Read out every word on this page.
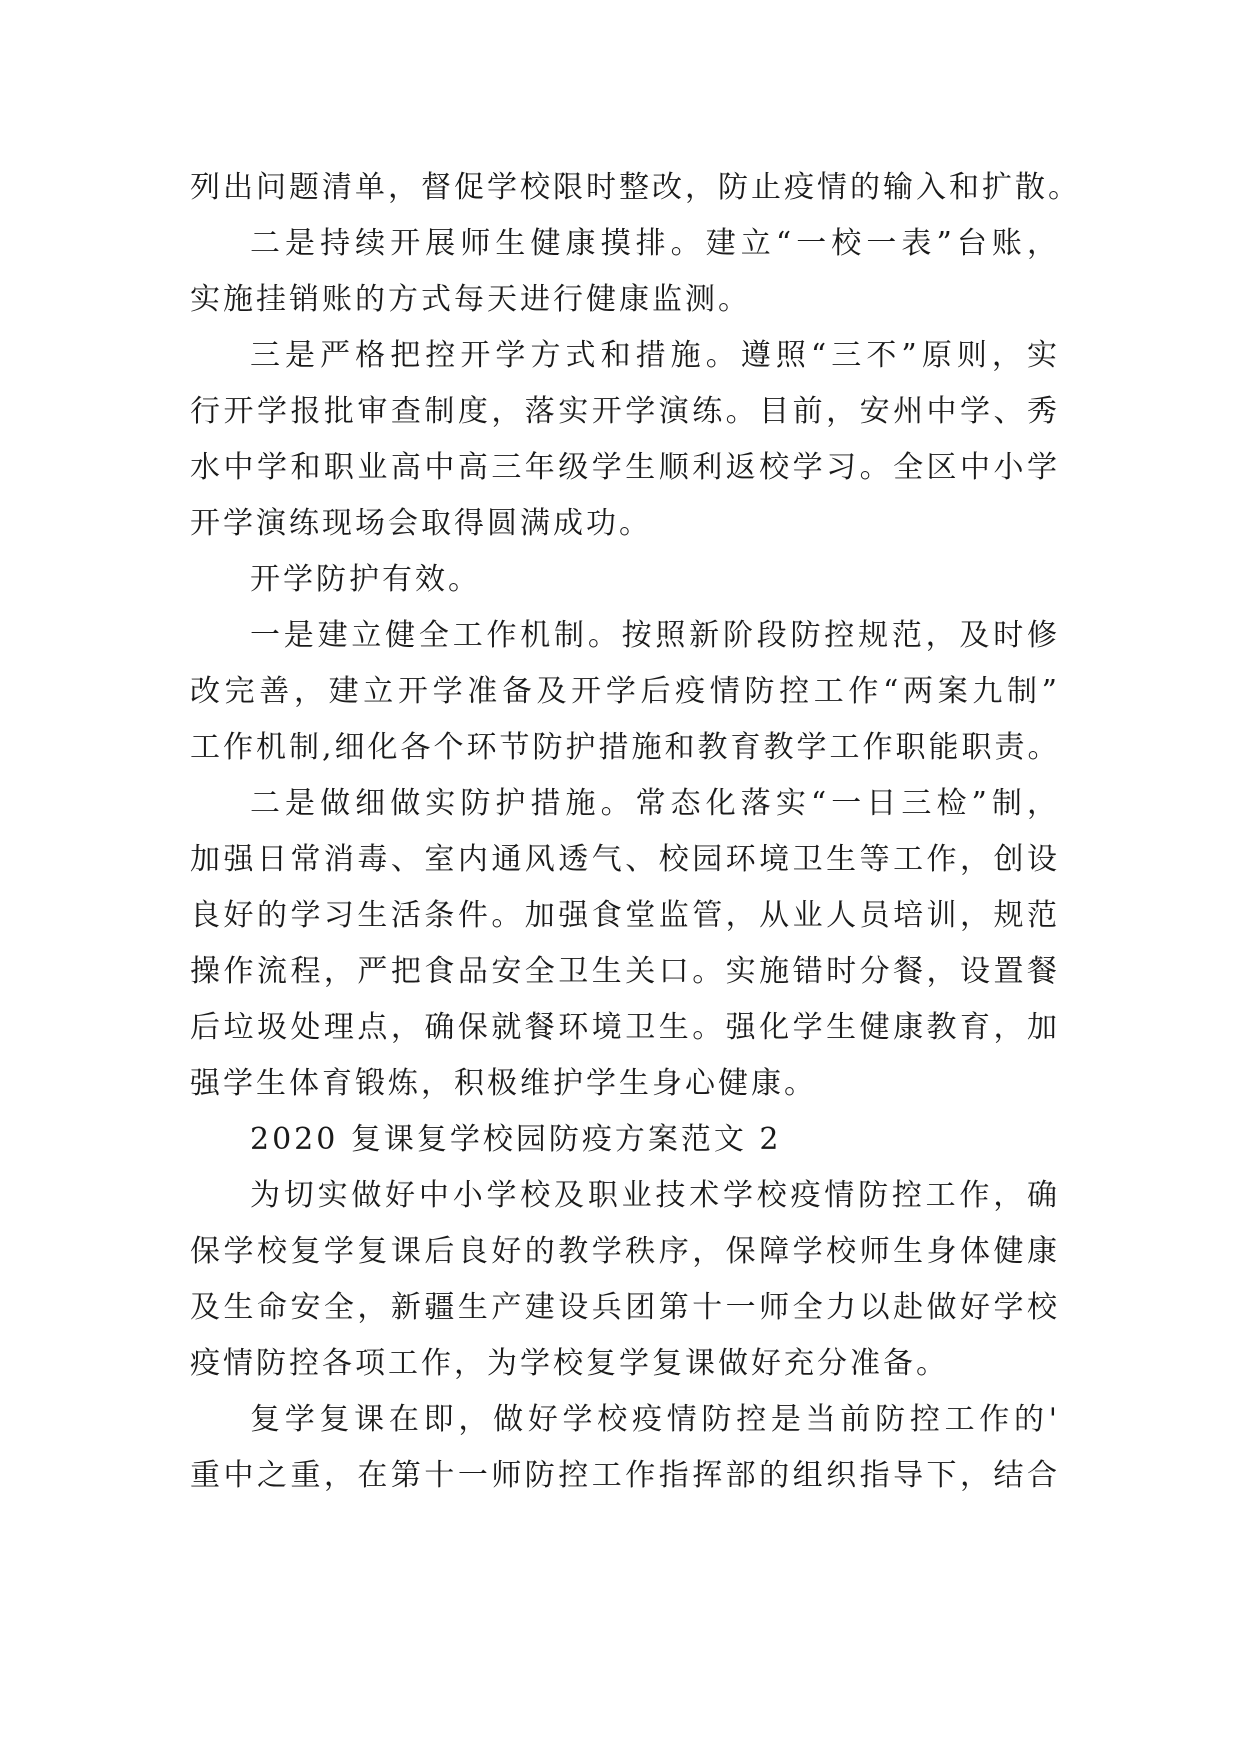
列出问题清单，督促学校限时整改，防止疫情的输入和扩散。
二是持续开展师生健康摸排。建立“一校一表”台账，
实施挂销账的方式每天进行健康监测。
三是严格把控开学方式和措施。遵照“三不”原则，实
行开学报批审查制度，落实开学演练。目前，安州中学、秀
水中学和职业高中高三年级学生顺利返校学习。全区中小学
开学演练现场会取得圆满成功。
开学防护有效。
一是建立健全工作机制。按照新阶段防控规范，及时修
改完善，建立开学准备及开学后疫情防控工作“两案九制”
工作机制,细化各个环节防护措施和教育教学工作职能职责。
二是做细做实防护措施。常态化落实“一日三检”制，
加强日常消毒、室内通风透气、校园环境卫生等工作，创设
良好的学习生活条件。加强食堂监管，从业人员培训，规范
操作流程，严把食品安全卫生关口。实施错时分餐，设置餐
后垃圾处理点，确保就餐环境卫生。强化学生健康教育，加
强学生体育锻炼，积极维护学生身心健康。
2020 复课复学校园防疫方案范文 2
为切实做好中小学校及职业技术学校疫情防控工作，确
保学校复学复课后良好的教学秩序，保障学校师生身体健康
及生命安全，新疆生产建设兵团第十一师全力以赴做好学校
疫情防控各项工作，为学校复学复课做好充分准备。
复学复课在即，做好学校疫情防控是当前防控工作的'
重中之重，在第十一师防控工作指挥部的组织指导下，结合
